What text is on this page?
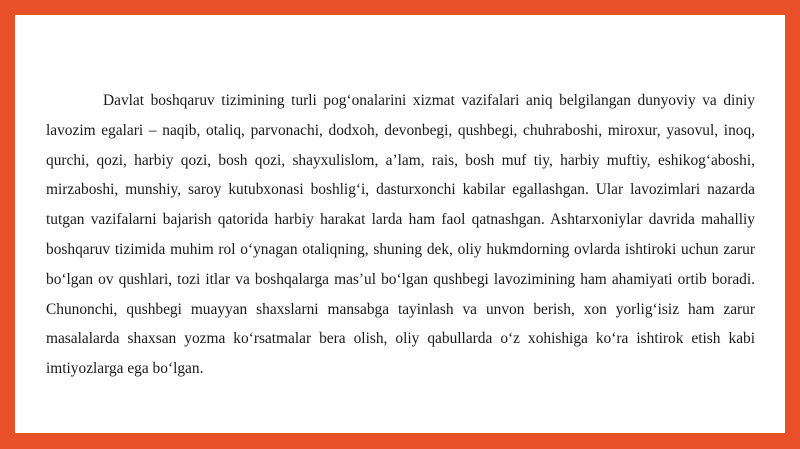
Davlat boshqaruv tizimining turli pog‘onalarini xizmat vazifalari aniq belgilangan dunyoviy va diniy lavozim egalari – naqib, otaliq, parvonachi, dodxoh, devonbegi, qushbegi, chuhraboshi, miroxur, yasovul, inoq, qurchi, qozi, harbiy qozi, bosh qozi, shayxulislom, a’lam, rais, bosh muf tiy, harbiy muftiy, eshikog‘aboshi, mirzaboshi, munshiy, saroy kutubxonasi boshlig‘i, dasturxonchi kabilar egallashgan. Ular lavozimlari nazarda tutgan vazifalarni bajarish qatorida harbiy harakat larda ham faol qatnashgan. Ashtarxoniylar davrida mahalliy boshqaruv tizimida muhim rol o‘ynagan otaliqning, shuning dek, oliy hukmdorning ovlarda ishtiroki uchun zarur bo‘lgan ov qushlari, tozi itlar va boshqalarga mas’ul bo‘lgan qushbegi lavozimining ham ahamiyati ortib boradi. Chunonchi, qushbegi muayyan shaxslarni mansabga tayinlash va unvon berish, xon yorlig‘isiz ham zarur masalalarda shaxsan yozma ko‘rsatmalar bera olish, oliy qabullarda o‘z xohishiga ko‘ra ishtirok etish kabi imtiyozlarga ega bo‘lgan.
